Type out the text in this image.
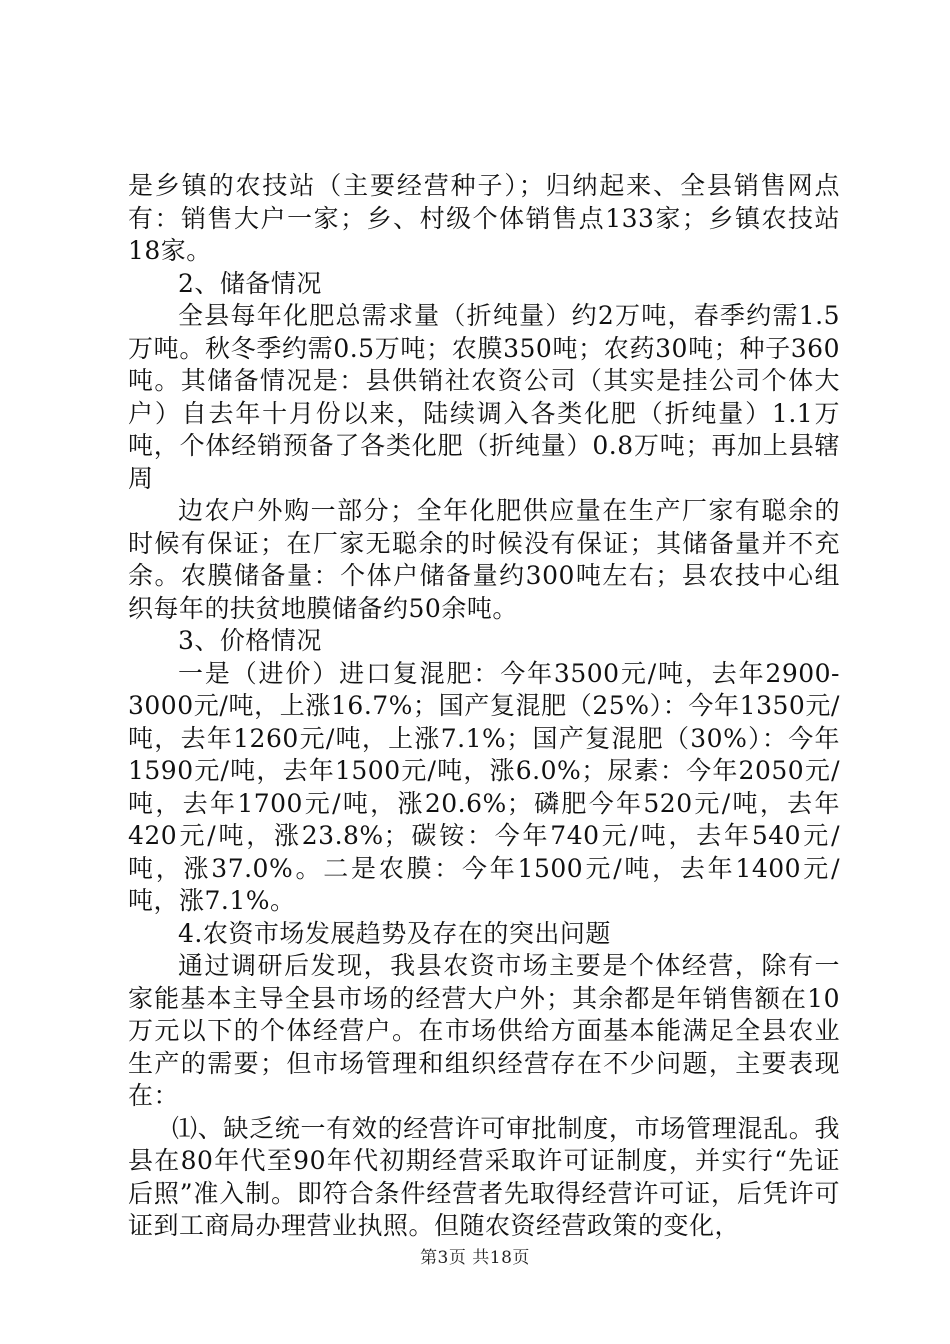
是乡镇的农技站（主要经营种子）；归纳起来、全县销售网点有：销售大户一家；乡、村级个体销售点133家；乡镇农技站18家。

2、储备情况

全县每年化肥总需求量（折纯量）约2万吨，春季约需1.5万吨。秋冬季约需0.5万吨；农膜350吨；农药30吨；种子360吨。其储备情况是：县供销社农资公司（其实是挂公司个体大户）自去年十月份以来，陆续调入各类化肥（折纯量）1.1万吨，个体经销预备了各类化肥（折纯量）0.8万吨；再加上县辖周

边农户外购一部分；全年化肥供应量在生产厂家有聪余的时候有保证；在厂家无聪余的时候没有保证；其储备量并不充余。农膜储备量：个体户储备量约300吨左右；县农技中心组织每年的扶贫地膜储备约50余吨。

3、价格情况

一是（进价）进口复混肥：今年3500元/吨，去年2900-3000元/吨，上涨16.7%；国产复混肥（25%）：今年1350元/吨，去年1260元/吨，上涨7.1%；国产复混肥（30%）：今年1590元/吨，去年1500元/吨，涨6.0%；尿素：今年2050元/吨，去年1700元/吨，涨20.6%；磷肥今年520元/吨，去年420元/吨，涨23.8%；碳铵：今年740元/吨，去年540元/吨，涨37.0%。二是农膜：今年1500元/吨，去年1400元/吨，涨7.1%。

4.农资市场发展趋势及存在的突出问题

通过调研后发现，我县农资市场主要是个体经营，除有一家能基本主导全县市场的经营大户外；其余都是年销售额在10万元以下的个体经营户。在市场供给方面基本能满足全县农业生产的需要；但市场管理和组织经营存在不少问题，主要表现在：

⑴、缺乏统一有效的经营许可审批制度，市场管理混乱。我县在80年代至90年代初期经营采取许可证制度，并实行“先证后照”准入制。即符合条件经营者先取得经营许可证，后凭许可证到工商局办理营业执照。但随农资经营政策的变化，

第3页 共18页
